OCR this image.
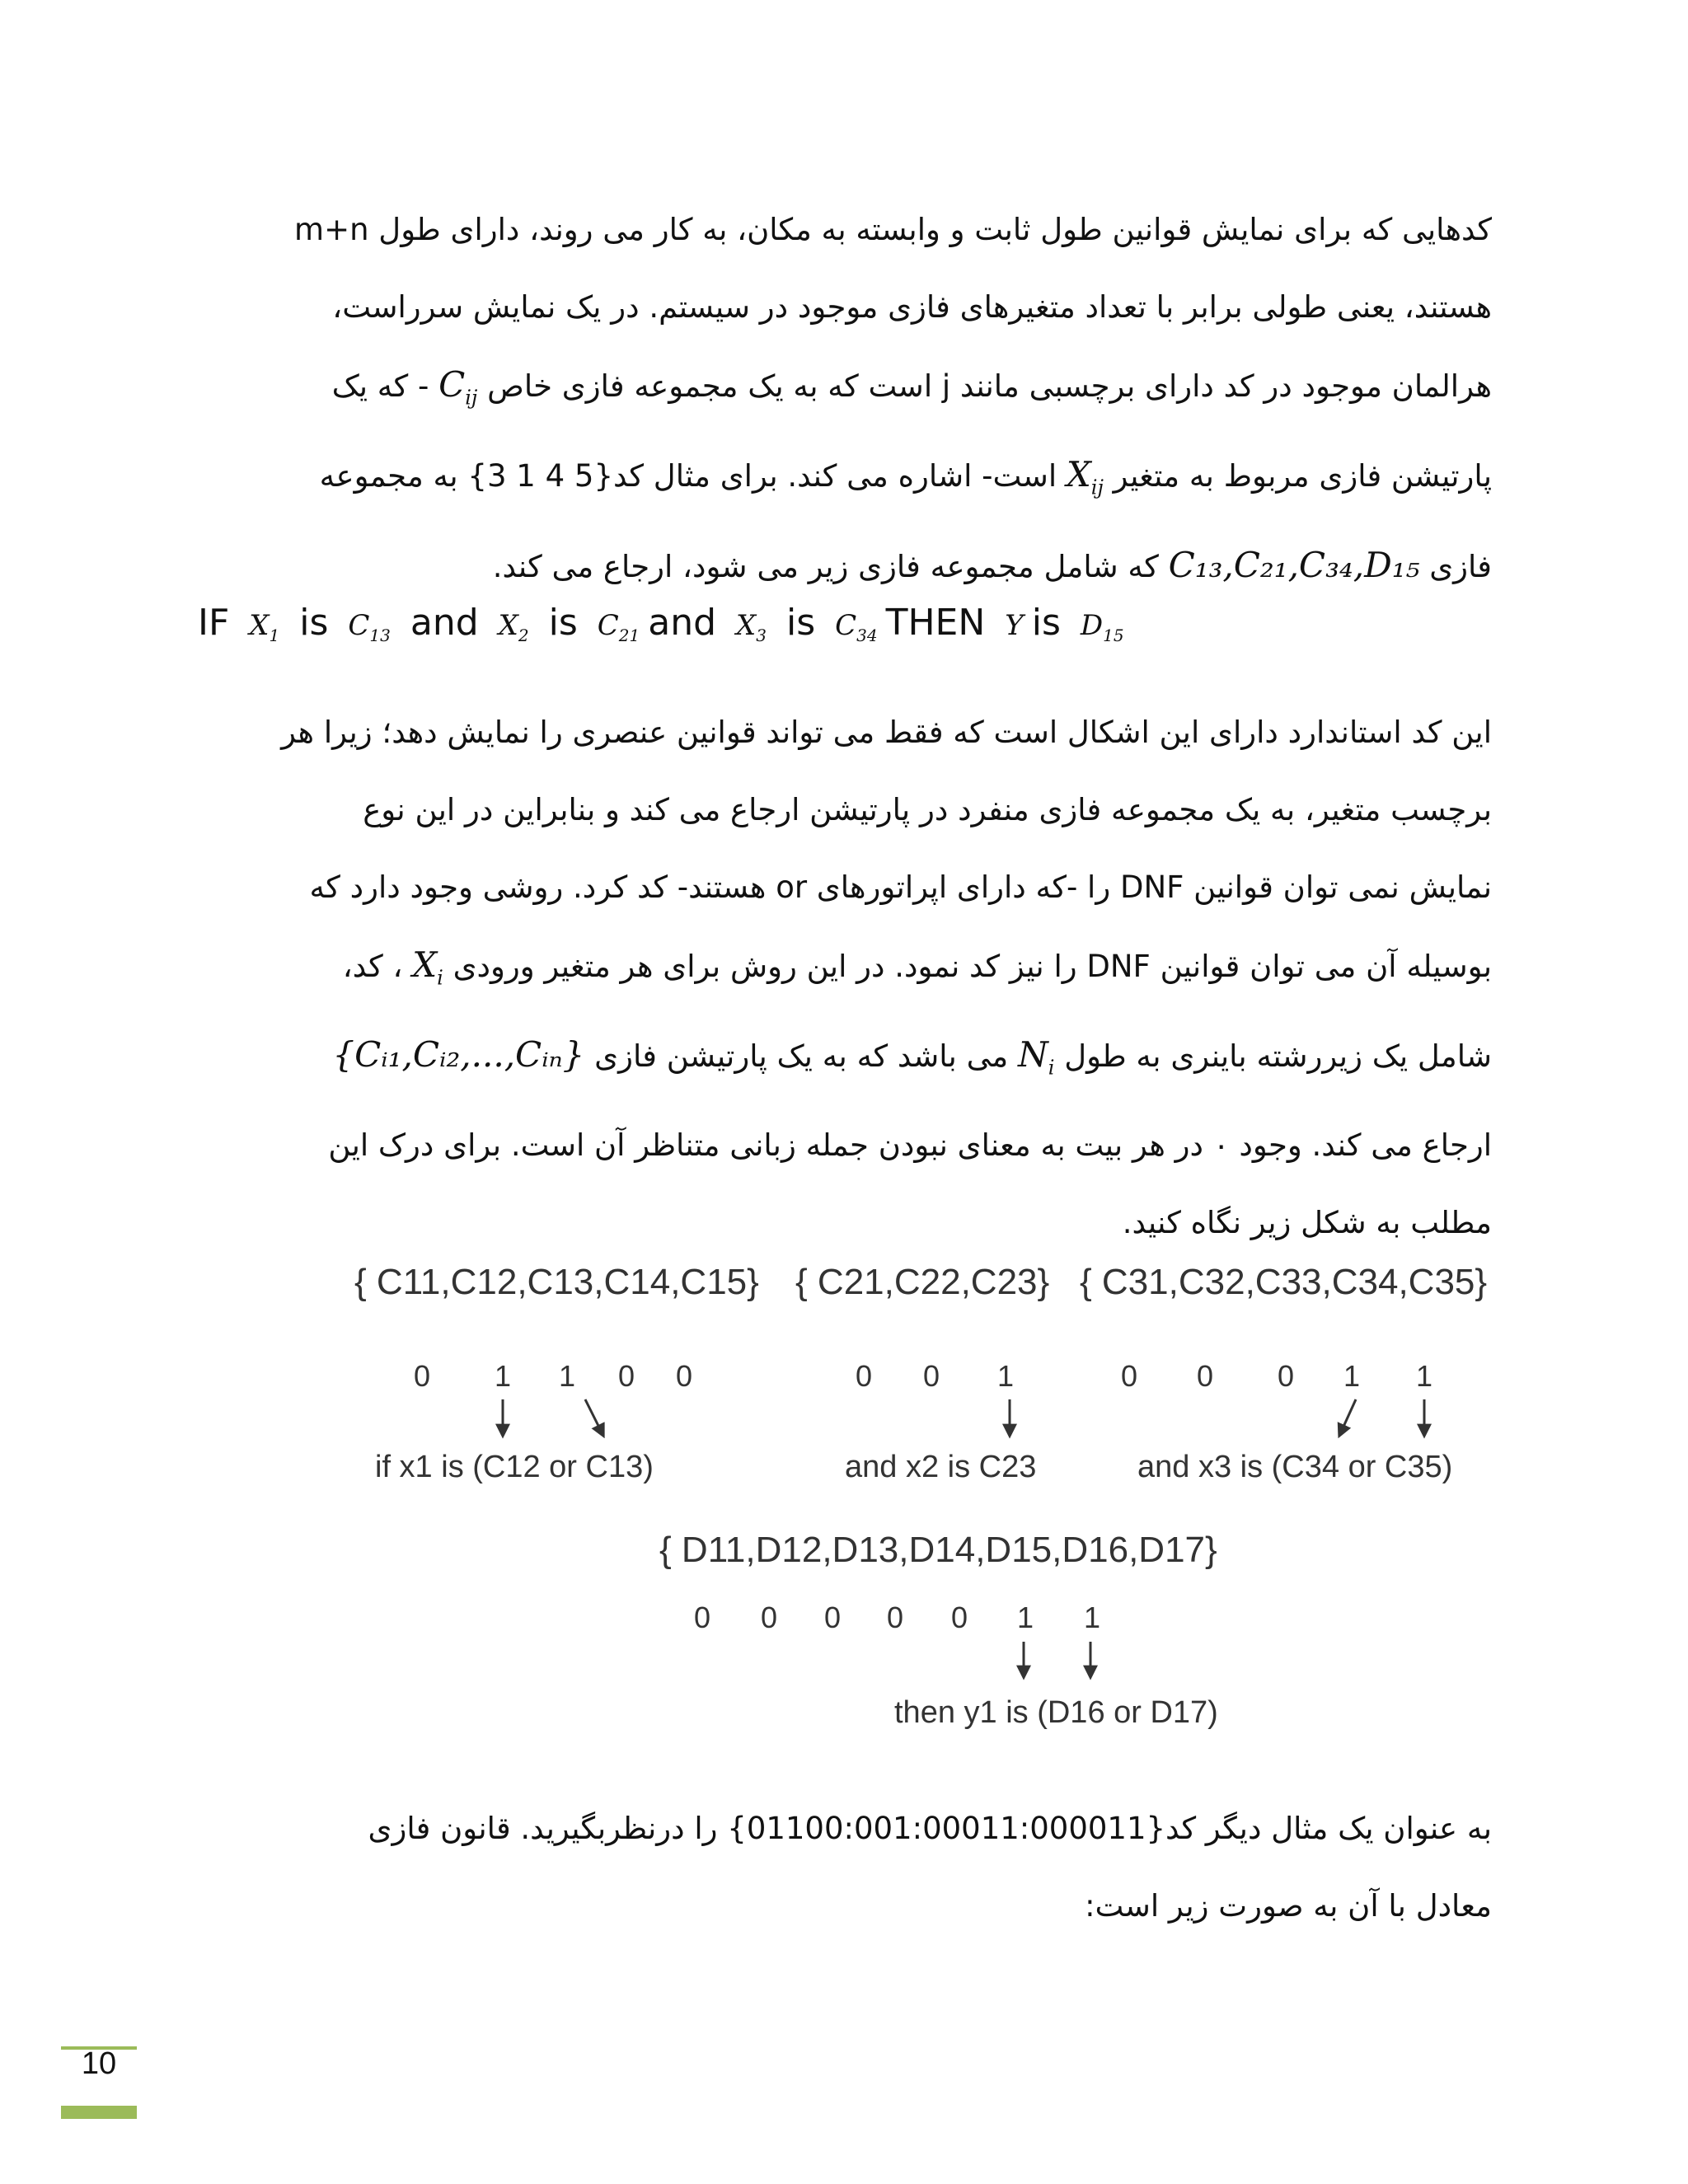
کدهایی که برای نمایش قوانین طول ثابت و وابسته به مکان، به کار می روند، دارای طول m+n

هستند، یعنی طولی برابر با تعداد متغیرهای فازی موجود در سیستم. در یک نمایش سرراست،

هرالمان موجود در کد دارای برچسبی مانند j است که به یک مجموعه فازی خاص $C_{ij}$ - که یک

پارتیشن فازی مربوط به متغیر $X_{ij}$ است- اشاره می کند. برای مثال کد{5 4 1 3} به مجموعه

فازی C₁₃,C₂₁,C₃₄,D₁₅ که شامل مجموعه فازی زیر می شود، ارجاع می کند.

IF $X_1$ is $C_{13}$ and $X_2$ is $C_{21}$ and $X_3$ is $C_{34}$ THEN Y is $D_{15}$

این کد استاندارد دارای این اشکال است که فقط می تواند قوانین عنصری را نمایش دهد؛ زیرا هر

برچسب متغیر، به یک مجموعه فازی منفرد در پارتیشن ارجاع می کند و بنابراین در این نوع

نمایش نمی توان قوانین DNF را -که دارای اپراتورهای or هستند- کد کرد. روشی وجود دارد که

بوسیله آن می توان قوانین DNF را نیز کد نمود. در این روش برای هر متغیر ورودی $X_i$ ، کد،

شامل یک زیررشته باینری به طول $N_i$ می باشد که به یک پارتیشن فازی {Cᵢ₁,Cᵢ₂,...,Cᵢₙ}

ارجاع می کند. وجود ۰ در هر بیت به معنای نبودن جمله زبانی متناظر آن است. برای درک این

مطلب به شکل زیر نگاه کنید.

{ C11,C12,C13,C14,C15} { C21,C22,C23} { C31,C32,C33,C34,C35}
0 1 1 0 0	0 0 1	0 0 0 1 1
if x1 is (C12 or C13)	and x2 is C23	and x3 is (C34 or C35)
{ D11,D12,D13,D14,D15,D16,D17}
0 0 0 0 0 1 1
then y1 is (D16 or D17)

به عنوان یک مثال دیگر کد{01100:001:00011:000011} را درنظربگیرید. قانون فازی

معادل با آن به صورت زیر است:

10
